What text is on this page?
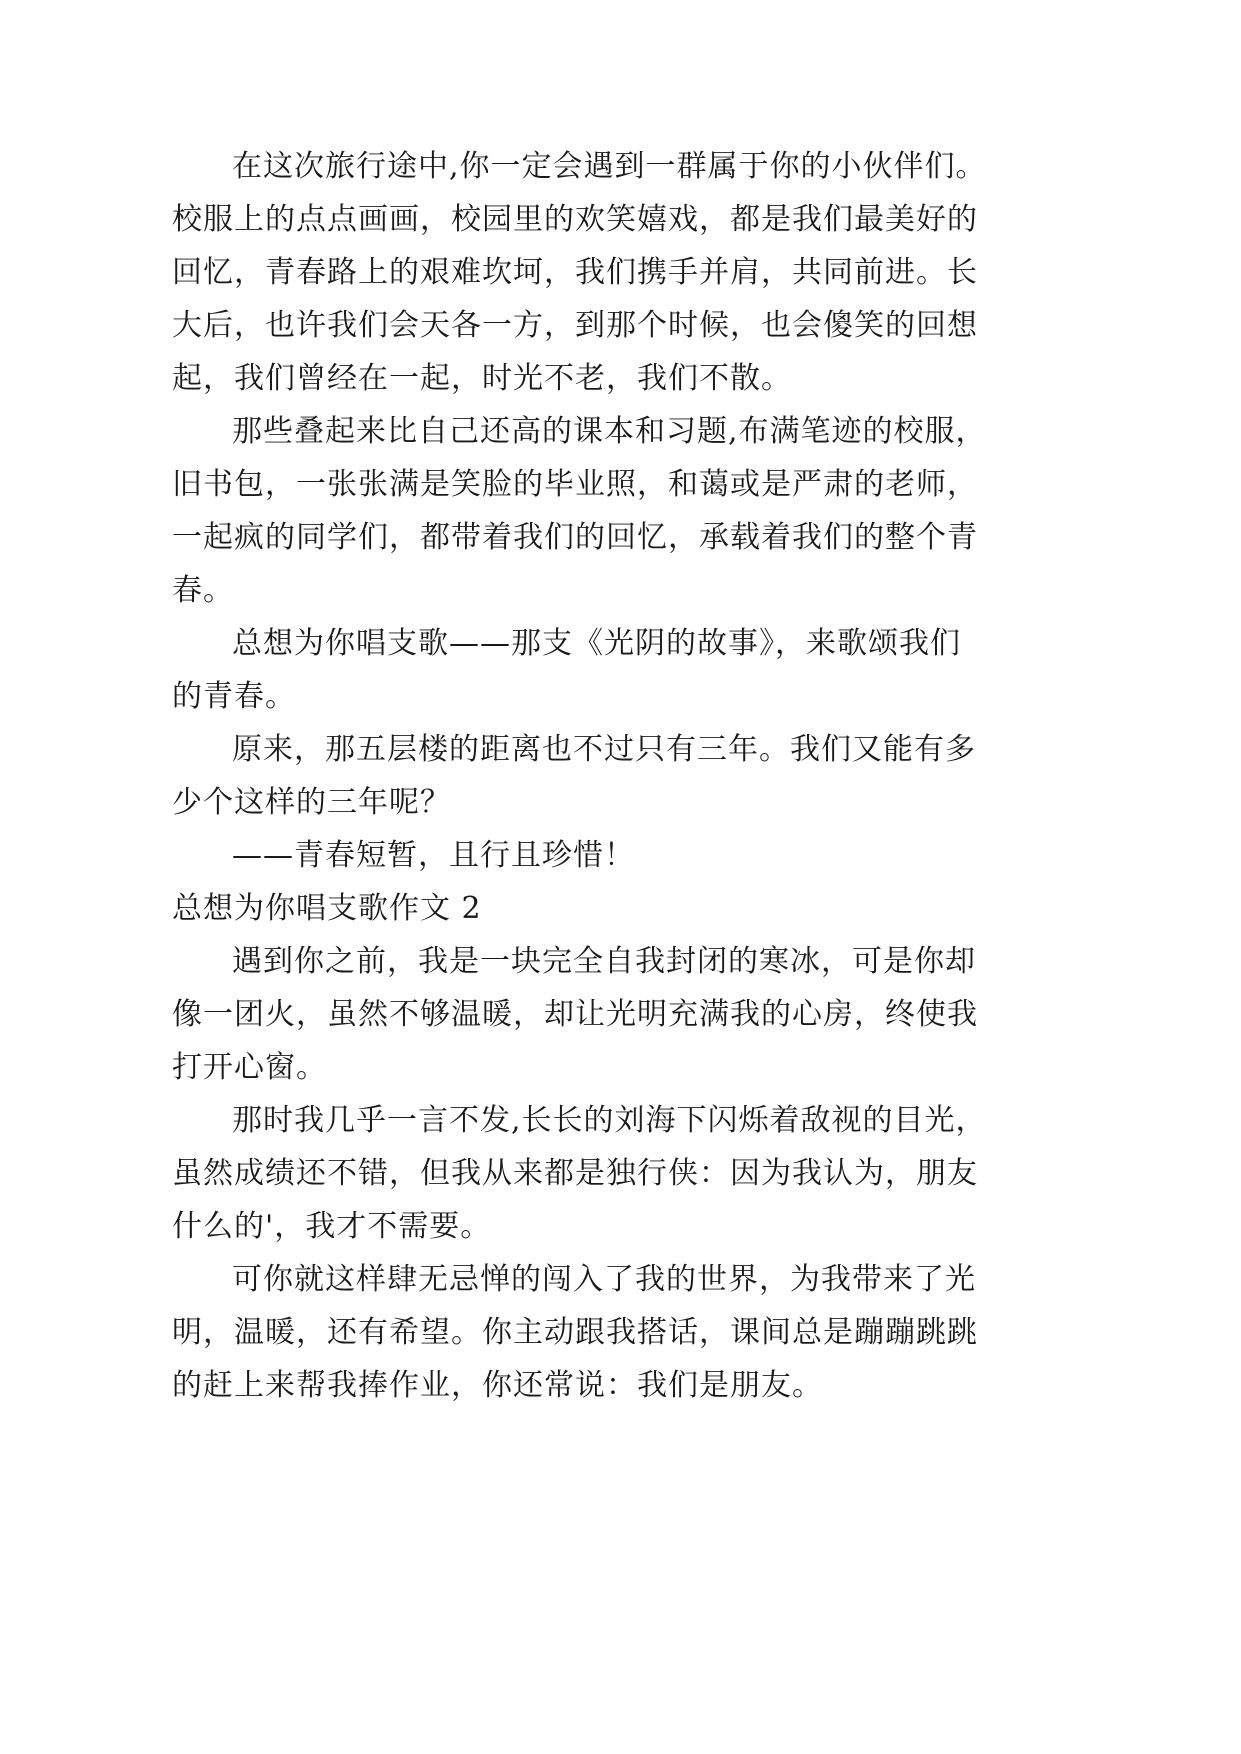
在这次旅行途中,你一定会遇到一群属于你的小伙伴们。
校服上的点点画画，校园里的欢笑嬉戏，都是我们最美好的
回忆，青春路上的艰难坎坷，我们携手并肩，共同前进。长
大后，也许我们会天各一方，到那个时候，也会傻笑的回想
起，我们曾经在一起，时光不老，我们不散。
那些叠起来比自己还高的课本和习题,布满笔迹的校服，
旧书包，一张张满是笑脸的毕业照，和蔼或是严肃的老师，
一起疯的同学们，都带着我们的回忆，承载着我们的整个青
春。
总想为你唱支歌——那支《光阴的故事》，来歌颂我们
的青春。
原来，那五层楼的距离也不过只有三年。我们又能有多
少个这样的三年呢？
——青春短暂，且行且珍惜！
总想为你唱支歌作文 2
遇到你之前，我是一块完全自我封闭的寒冰，可是你却
像一团火，虽然不够温暖，却让光明充满我的心房，终使我
打开心窗。
那时我几乎一言不发,长长的刘海下闪烁着敌视的目光，
虽然成绩还不错，但我从来都是独行侠：因为我认为，朋友
什么的'，我才不需要。
可你就这样肆无忌惮的闯入了我的世界，为我带来了光
明，温暖，还有希望。你主动跟我搭话，课间总是蹦蹦跳跳
的赶上来帮我捧作业，你还常说：我们是朋友。
